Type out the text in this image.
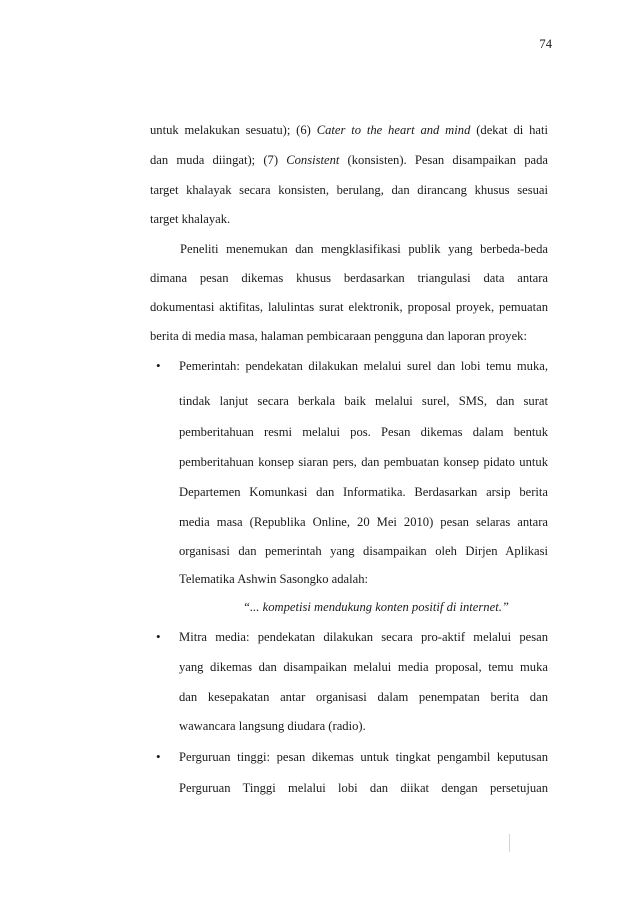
74
untuk melakukan sesuatu); (6) Cater to the heart and mind (dekat di hati
dan muda diingat); (7) Consistent (konsisten). Pesan disampaikan pada
target khalayak secara konsisten, berulang, dan dirancang khusus sesuai
target khalayak.
Peneliti menemukan dan mengklasifikasi publik yang berbeda-beda
dimana pesan dikemas khusus berdasarkan triangulasi data antara
dokumentasi aktifitas, lalulintas surat elektronik, proposal proyek, pemuatan
berita di media masa, halaman pembicaraan pengguna dan laporan proyek:
• Pemerintah: pendekatan dilakukan melalui surel dan lobi temu muka,
tindak lanjut secara berkala baik melalui surel, SMS, dan surat
pemberitahuan resmi melalui pos. Pesan dikemas dalam bentuk
pemberitahuan konsep siaran pers, dan pembuatan konsep pidato untuk
Departemen Komunkasi dan Informatika. Berdasarkan arsip berita
media masa (Republika Online, 20 Mei 2010) pesan selaras antara
organisasi dan pemerintah yang disampaikan oleh Dirjen Aplikasi
Telematika Ashwin Sasongko adalah:
“... kompetisi mendukung konten positif di internet.”
• Mitra media: pendekatan dilakukan secara pro-aktif melalui pesan
yang dikemas dan disampaikan melalui media proposal, temu muka
dan kesepakatan antar organisasi dalam penempatan berita dan
wawancara langsung diudara (radio).
• Perguruan tinggi: pesan dikemas untuk tingkat pengambil keputusan
Perguruan Tinggi melalui lobi dan diikat dengan persetujuan
